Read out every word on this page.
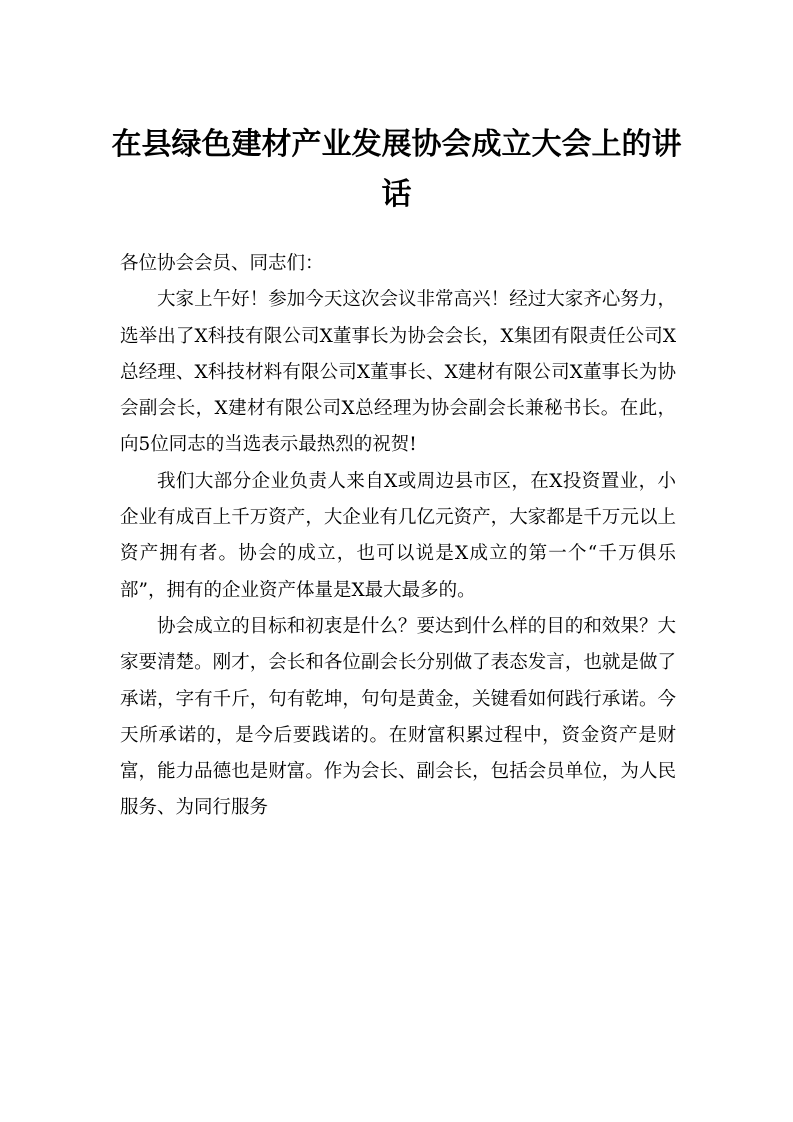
在县绿色建材产业发展协会成立大会上的讲话

各位协会会员、同志们：

大家上午好！参加今天这次会议非常高兴！经过大家齐心努力，选举出了X科技有限公司X董事长为协会会长，X集团有限责任公司X总经理、X科技材料有限公司X董事长、X建材有限公司X董事长为协会副会长，X建材有限公司X总经理为协会副会长兼秘书长。在此，向5位同志的当选表示最热烈的祝贺!

我们大部分企业负责人来自X或周边县市区，在X投资置业，小企业有成百上千万资产，大企业有几亿元资产，大家都是千万元以上资产拥有者。协会的成立，也可以说是X成立的第一个“千万俱乐部”，拥有的企业资产体量是X最大最多的。

协会成立的目标和初衷是什么？要达到什么样的目的和效果？大家要清楚。刚才，会长和各位副会长分别做了表态发言，也就是做了承诺，字有千斤，句有乾坤，句句是黄金，关键看如何践行承诺。今天所承诺的，是今后要践诺的。在财富积累过程中，资金资产是财富，能力品德也是财富。作为会长、副会长，包括会员单位，为人民服务、为同行服务
